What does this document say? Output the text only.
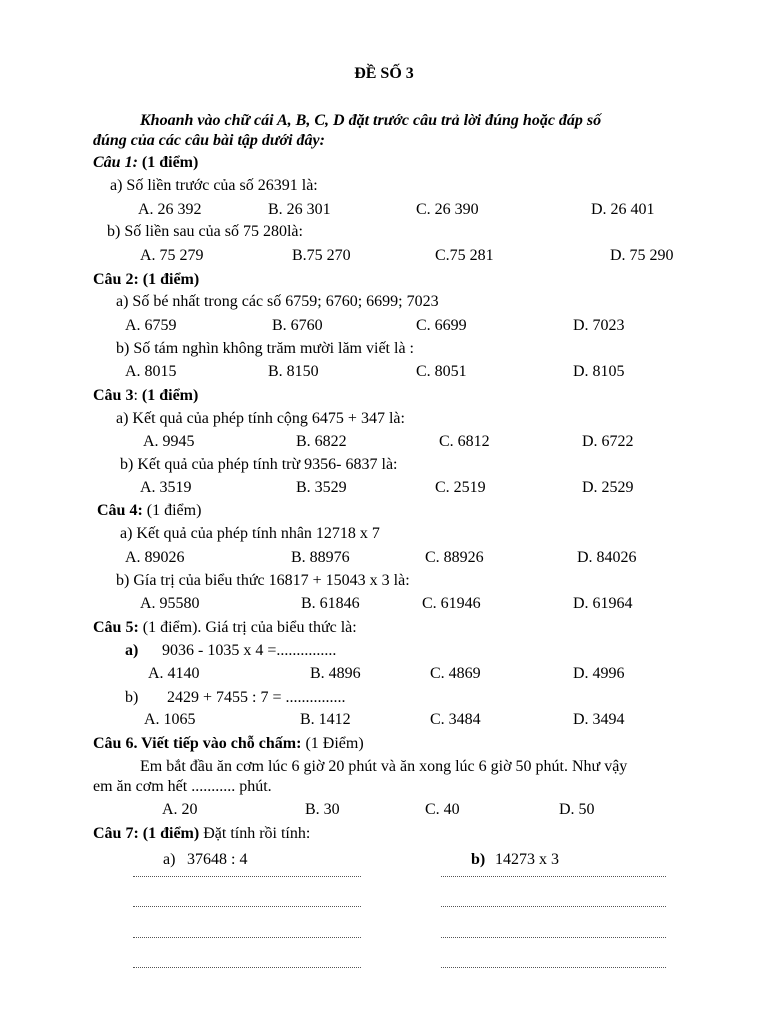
ĐỀ SỐ 3
Khoanh vào chữ cái A, B, C, D đặt trước câu trả lời đúng hoặc đáp số
đúng của các câu bài tập dưới đây:
Câu 1: (1 điểm)
a) Số liền trước của số 26391 là:
A. 26 392	B. 26 301	C. 26 390	D. 26 401
b) Số liền sau của số 75 280là:
A. 75 279	B.75 270	C.75 281	D. 75 290
Câu 2: (1 điểm)
a) Số bé nhất trong các số 6759; 6760; 6699; 7023
A. 6759	B. 6760	C. 6699	D. 7023
b) Số tám nghìn không trăm mười lăm viết là :
A. 8015	B. 8150	C. 8051	D. 8105
Câu 3: (1 điểm)
a) Kết quả của phép tính cộng 6475 + 347 là:
A. 9945	B. 6822	C. 6812	D. 6722
b) Kết quả của phép tính trừ 9356- 6837 là:
A. 3519	B. 3529	C. 2519	D. 2529
Câu 4: (1 điểm)
a) Kết quả của phép tính nhân 12718 x 7
A. 89026	B. 88976	C. 88926	D. 84026
b) Gía trị của biểu thức 16817 + 15043 x 3 là:
A. 95580	B. 61846	C. 61946	D. 61964
Câu 5: (1 điểm). Giá trị của biểu thức là:
a) 9036 - 1035 x 4 =...............
A. 4140	B. 4896	C. 4869	D. 4996
b) 2429 + 7455 : 7 = ...............
A. 1065	B. 1412	C. 3484	D. 3494
Câu 6. Viết tiếp vào chỗ chấm: (1 Điểm)
Em bắt đầu ăn cơm lúc 6 giờ 20 phút và ăn xong lúc 6 giờ 50 phút. Như vậy
em ăn cơm hết ........... phút.
A. 20	B. 30	C. 40	D. 50
Câu 7: (1 điểm) Đặt tính rồi tính:
a) 37648 : 4	b) 14273 x 3
